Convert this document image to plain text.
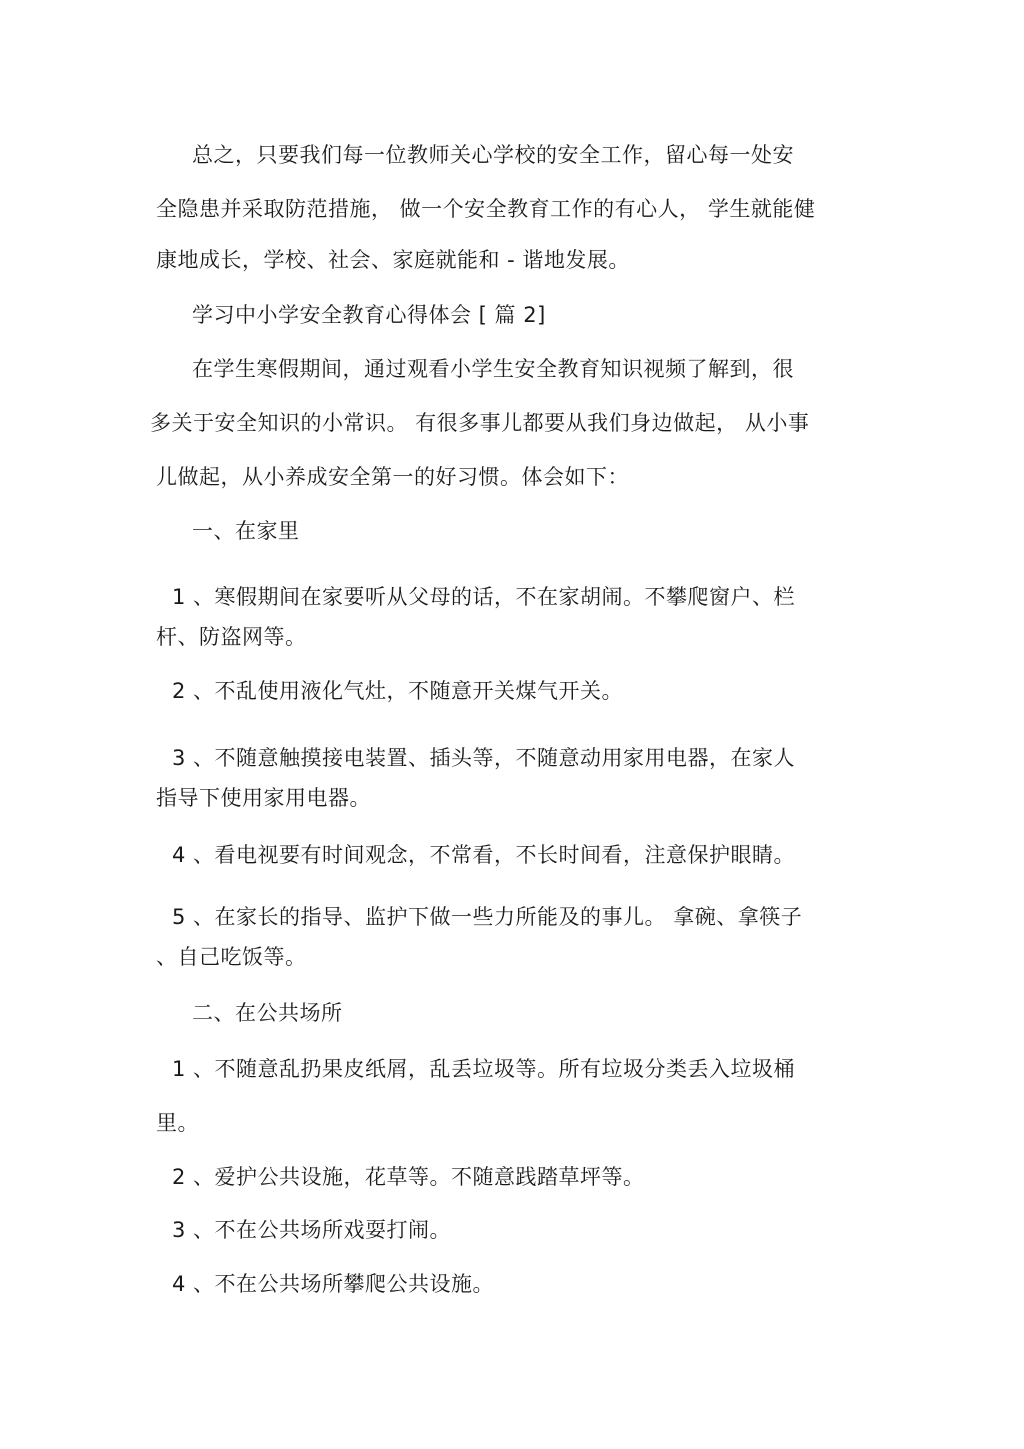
总之，只要我们每一位教师关心学校的安全工作，留心每一处安
全隐患并采取防范措施， 做一个安全教育工作的有心人， 学生就能健
康地成长，学校、社会、家庭就能和 - 谐地发展。
学习中小学安全教育心得体会 [ 篇 2]
在学生寒假期间，通过观看小学生安全教育知识视频了解到，很
多关于安全知识的小常识。 有很多事儿都要从我们身边做起， 从小事
儿做起，从小养成安全第一的好习惯。体会如下：
一、在家里
1 、寒假期间在家要听从父母的话，不在家胡闹。不攀爬窗户、栏
杆、防盗网等。
2 、不乱使用液化气灶，不随意开关煤气开关。
3 、不随意触摸接电装置、插头等，不随意动用家用电器，在家人
指导下使用家用电器。
4 、看电视要有时间观念，不常看，不长时间看，注意保护眼睛。
5 、在家长的指导、监护下做一些力所能及的事儿。 拿碗、拿筷子
、自己吃饭等。
二、在公共场所
1 、不随意乱扔果皮纸屑，乱丢垃圾等。所有垃圾分类丢入垃圾桶
里。
2 、爱护公共设施，花草等。不随意践踏草坪等。
3 、不在公共场所戏耍打闹。
4 、不在公共场所攀爬公共设施。
